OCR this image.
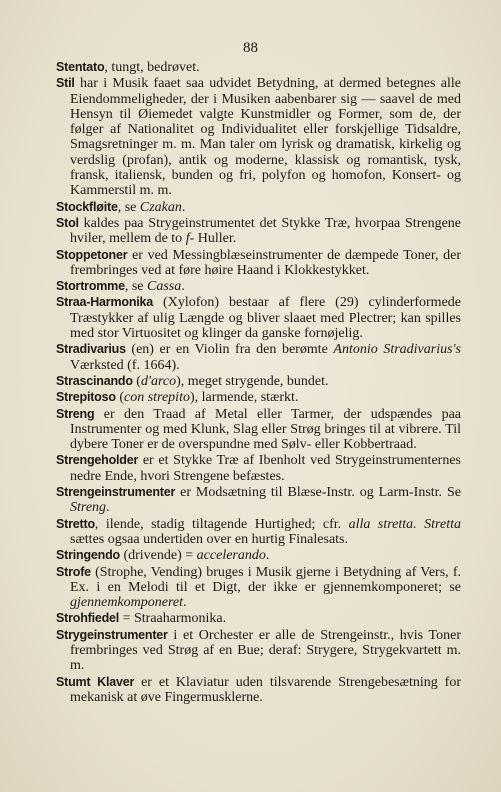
88

Stentato, tungt, bedrøvet.

Stil har i Musik faaet saa udvidet Betydning, at dermed betegnes alle Eiendommeligheder, der i Musiken aabenbarer sig — saavel de med Hensyn til Øiemedet valgte Kunstmidler og Former, som de, der følger af Nationalitet og Individualitet eller forskjellige Tidsaldre, Smagsretninger m. m. Man taler om lyrisk og dramatisk, kirkelig og verdslig (profan), antik og moderne, klassisk og romantisk, tysk, fransk, italiensk, bunden og fri, polyfon og homofon, Konsert- og Kammerstil m. m.

Stockfløite, se Czakan.

Stol kaldes paa Strygeinstrumentet det Stykke Træ, hvorpaa Strengene hviler, mellem de to f- Huller.

Stoppetoner er ved Messingblæseinstrumenter de dæmpede Toner, der frembringes ved at føre høire Haand i Klokkestykket.

Stortromme, se Cassa.

Straa-Harmonika (Xylofon) bestaar af flere (29) cylinderformede Træstykker af ulig Længde og bliver slaaet med Plectrer; kan spilles med stor Virtuositet og klinger da ganske fornøjelig.

Stradivarius (en) er en Violin fra den berømte Antonio Stradivarius's Værksted (f. 1664).

Strascinando (d'arco), meget strygende, bundet.

Strepitoso (con strepito), larmende, stærkt.

Streng er den Traad af Metal eller Tarmer, der udspændes paa Instrumenter og med Klunk, Slag eller Strøg bringes til at vibrere. Til dybere Toner er de overspundne med Sølv- eller Kobbertraad.

Strengeholder er et Stykke Træ af Ibenholt ved Strygeinstrumenternes nedre Ende, hvori Strengene befæstes.

Strengeinstrumenter er Modsætning til Blæse-Instr. og Larm-Instr. Se Streng.

Stretto, ilende, stadig tiltagende Hurtighed; cfr. alla stretta. Stretta sættes ogsaa undertiden over en hurtig Finalesats.

Stringendo (drivende) = accelerando.

Strofe (Strophe, Vending) bruges i Musik gjerne i Betydning af Vers, f. Ex. i en Melodi til et Digt, der ikke er gjennemkomponeret; se gjennemkomponeret.

Strohfiedel = Straaharmonika.

Strygeinstrumenter i et Orchester er alle de Strengeinstr., hvis Toner frembringes ved Strøg af en Bue; deraf: Strygere, Strygekvartett m. m.

Stumt Klaver er et Klaviatur uden tilsvarende Strengebesætning for mekanisk at øve Fingermusklerne.
